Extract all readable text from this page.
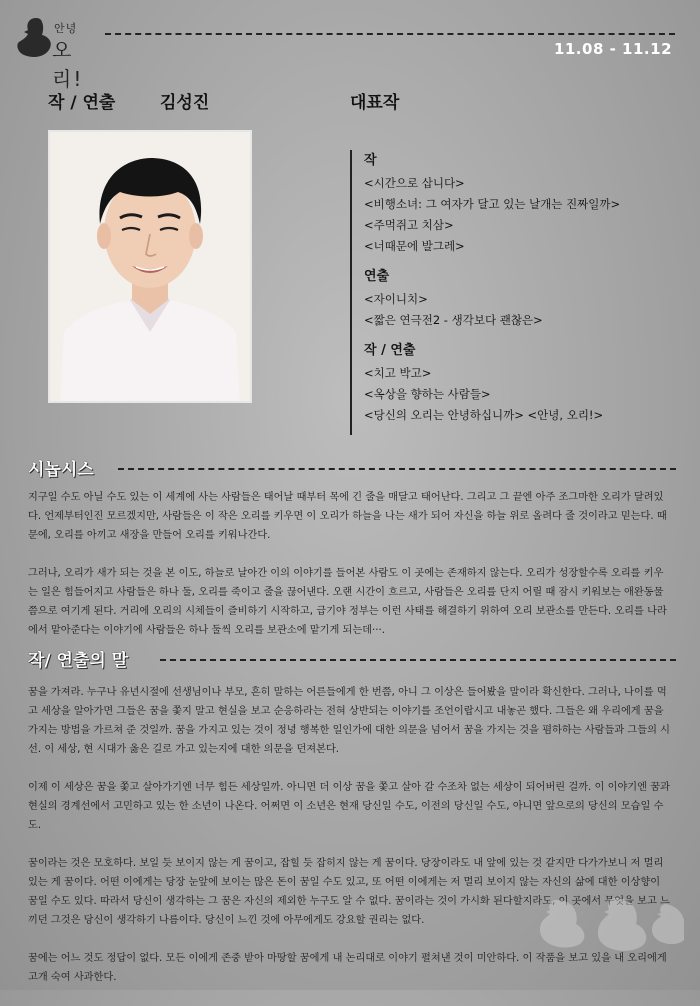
안녕
오리!
11.08 - 11.12
작 / 연출	김성진	대표작
작
<시간으로 삽니다>
<비행소녀: 그 여자가 달고 있는 날개는 진짜일까>
<주먹쥐고 치삼>
<너때문에 발그레>
연출
<자이니치>
<짧은 연극전2 - 생각보다 괜찮은>
작 / 연출
<치고 박고>
<옥상을 향하는 사람들>
<당신의 오리는 안녕하십니까> <안녕, 오리!>
시놉시스

지구일 수도 아닐 수도 있는 이 세계에 사는 사람들은 태어날 때부터 목에 긴 줄을 매달고 태어난다. 그리고 그 끝엔 아주 조그마한 오리가 달려있다. 언제부터인진 모르겠지만, 사람들은 이 작은 오리를 키우면 이 오리가 하늘을 나는 새가 되어 자신을 하늘 위로 올려다 줄 것이라고 믿는다. 때문에, 오리를 아끼고 새장을 만들어 오리를 키워나간다.

그러나, 오리가 새가 되는 것을 본 이도, 하늘로 날아간 이의 이야기를 들어본 사람도 이 곳에는 존재하지 않는다. 오리가 성장할수록 오리를 키우는 일은 힘들어지고 사람들은 하나 둘, 오리를 죽이고 줄을 끊어낸다. 오랜 시간이 흐르고, 사람들은 오리를 단지 어릴 때 잠시 키워보는 애완동물 쯤으로 여기게 된다. 거리에 오리의 시체들이 즐비하기 시작하고, 급기야 정부는 이런 사태를 해결하기 위하여 오리 보관소를 만든다. 오리를 나라에서 맡아준다는 이야기에 사람들은 하나 둘씩 오리를 보관소에 맡기게 되는데···.

작/ 연출의 말

꿈을 가져라. 누구나 유년시절에 선생님이나 부모, 흔히 말하는 어른들에게 한 번쯤, 아니 그 이상은 들어봤을 말이라 확신한다. 그러나, 나이를 먹고 세상을 알아가면 그들은 꿈을 쫓지 말고 현실을 보고 순응하라는 전혀 상반되는 이야기를 조언이랍시고 내놓곤 했다. 그들은 왜 우리에게 꿈을 가지는 방법을 가르쳐 준 것일까. 꿈을 가지고 있는 것이 정녕 행복한 일인가에 대한 의문을 넘어서 꿈을 가지는 것을 폄하하는 사람들과 그들의 시선. 이 세상, 현 시대가 옳은 길로 가고 있는지에 대한 의문을 던져본다.

이제 이 세상은 꿈을 쫓고 살아가기엔 너무 힘든 세상일까. 아니면 더 이상 꿈을 쫓고 살아 갈 수조차 없는 세상이 되어버린 걸까. 이 이야기엔 꿈과 현실의 경계선에서 고민하고 있는 한 소년이 나온다. 어쩌면 이 소년은 현재 당신일 수도, 이전의 당신일 수도, 아니면 앞으로의 당신의 모습일 수도.

꿈이라는 것은 모호하다. 보일 듯 보이지 않는 게 꿈이고, 잡힐 듯 잡히지 않는 게 꿈이다. 당장이라도 내 앞에 있는 것 같지만 다가가보니 저 멀리 있는 게 꿈이다. 어떤 이에게는 당장 눈앞에 보이는 많은 돈이 꿈일 수도 있고, 또 어떤 이에게는 저 멀리 보이지 않는 자신의 삶에 대한 이상향이 꿈일 수도 있다. 따라서 당신이 생각하는 그 꿈은 자신의 제외한 누구도 알 수 없다. 꿈이라는 것이 가시화 된다할지라도, 이 곳에서 무엇을 보고 느끼던 그것은 당신이 생각하기 나름이다. 당신이 느낀 것에 아무에게도 강요할 권리는 없다.

꿈에는 어느 것도 정답이 없다. 모든 이에게 존중 받아 마땅할 꿈에게 내 논리대로 이야기 펼쳐낸 것이 미안하다. 이 작품을 보고 있을 내 오리에게 고개 숙여 사과한다.
